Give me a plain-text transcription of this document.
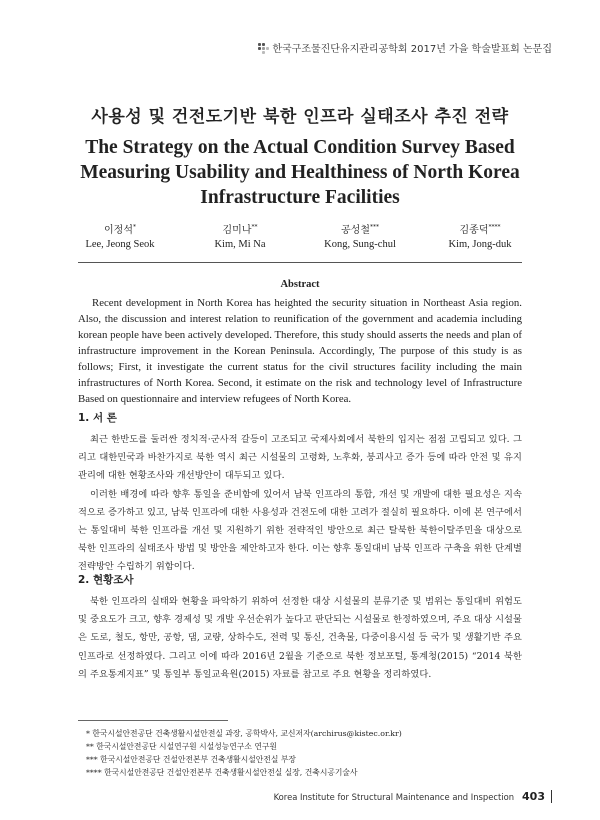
한국구조물진단유지관리공학회 2017년 가을 학술발표회 논문집
사용성 및 건전도기반 북한 인프라 실태조사 추진 전략
The Strategy on the Actual Condition Survey Based
Measuring Usability and Healthiness of North Korea
Infrastructure Facilities
이정석*
Lee, Jeong Seok
김미나**
Kim, Mi Na
공성철***
Kong, Sung-chul
김종덕****
Kim, Jong-duk
Abstract

Recent development in North Korea has heighted the security situation in Northeast Asia region. Also, the discussion and interest relation to reunification of the government and academia including korean people have been actively developed. Therefore, this study should asserts the needs and plan of infrastructure improvement in the Korean Peninsula. Accordingly, The purpose of this study is as follows; First, it investigate the current status for the civil structures facility including the main infrastructures of North Korea. Second, it estimate on the risk and technology level of Infrastructure Based on questionnaire and interview refugees of North Korea.

1. 서 론

최근 한반도를 둘러싼 정치적·군사적 갈등이 고조되고 국제사회에서 북한의 입지는 점점 고립되고 있다. 그리고 대한민국과 바찬가지로 북한 역시 최근 시설물의 고령화, 노후화, 붕괴사고 증가 등에 따라 안전 및 유지관리에 대한 현황조사와 개선방안이 대두되고 있다.

이러한 배경에 따라 향후 통일을 준비함에 있어서 남북 인프라의 통합, 개선 및 개발에 대한 필요성은 지속적으로 증가하고 있고, 남북 인프라에 대한 사용성과 건전도에 대한 고려가 절실히 필요하다. 이에 본 연구에서는 통일대비 북한 인프라를 개선 및 지원하기 위한 전략적인 방안으로 최근 탈북한 북한이탈주민을 대상으로 북한 인프라의 실태조사 방법 및 방안을 제안하고자 한다. 이는 향후 통일대비 남북 인프라 구축을 위한 단계별 전략방안 수립하기 위함이다.

2. 현황조사

북한 인프라의 실태와 현황을 파악하기 위하여 선정한 대상 시설물의 분류기준 및 범위는 통일대비 위험도 및 중요도가 크고, 향후 경제성 및 개발 우선순위가 높다고 판단되는 시설물로 한정하였으며, 주요 대상 시설물은 도로, 철도, 항만, 공항, 댐, 교량, 상하수도, 전력 및 통신, 건축물, 다중이용시설 등 국가 및 생활기반 주요 인프라로 선정하였다. 그리고 이에 따라 2016년 2월을 기준으로 북한 정보포털, 통계청(2015) “2014 북한의 주요통계지표” 및 통일부 통일교육원(2015) 자료를 참고로 주요 현황을 정리하였다.

* 한국시설안전공단 건축생활시설안전실 과장, 공학박사, 교신저자(archirus@kistec.or.kr)
** 한국시설안전공단 시설연구원 시설성능연구소 연구원
*** 한국시설안전공단 건설안전본부 건축생활시설안전실 부장
**** 한국시설안전공단 건설안전본부 건축생활시설안전실 실장, 건축시공기술사
Korea Institute for Structural Maintenance and Inspection 403
